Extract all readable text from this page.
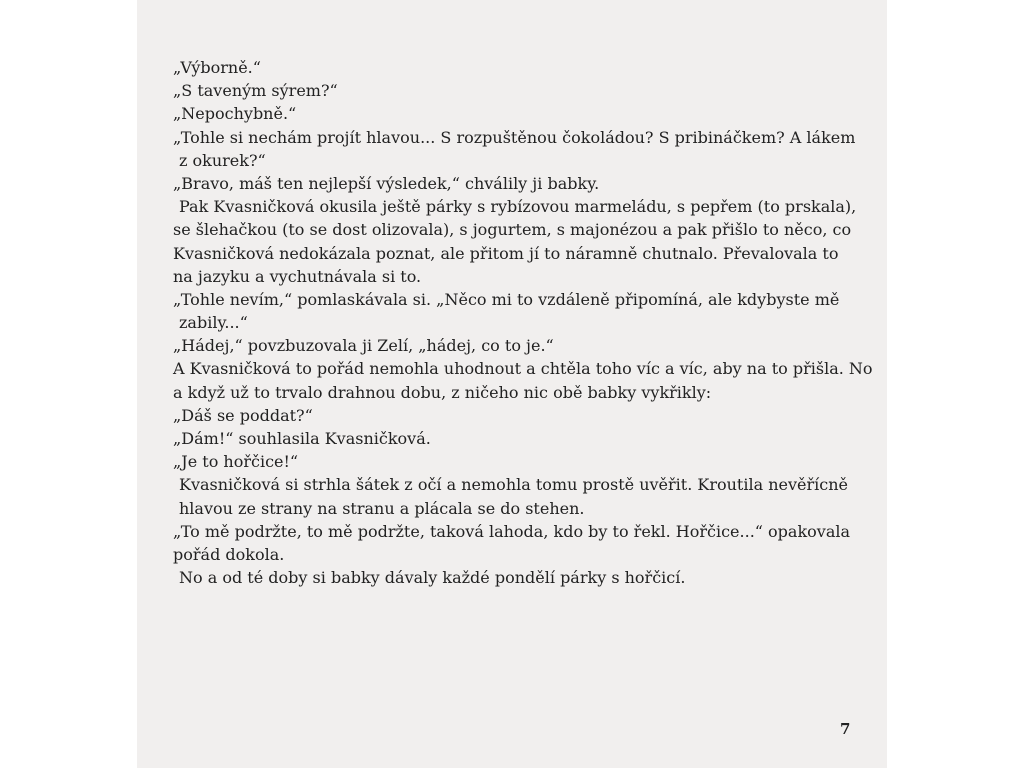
„Výborně.“
„S taveným sýrem?“
„Nepochybně.“
„Tohle si nechám projít hlavou... S rozpuštěnou čokoládou? S pribináčkem? A lákem
z okurek?“
„Bravo, máš ten nejlepší výsledek,“ chválily ji babky.
Pak Kvasničková okusila ještě párky s rybízovou marmeládu, s pepřem (to prskala),
se šlehačkou (to se dost olizovala), s jogurtem, s majonézou a pak přišlo to něco, co
Kvasničková nedokázala poznat, ale přitom jí to náramně chutnalo. Převalovala to
na jazyku a vychutnávala si to.
„Tohle nevím,“ pomlaskávala si. „Něco mi to vzdáleně připomíná, ale kdybyste mě
zabily...“
„Hádej,“ povzbuzovala ji Zelí, „hádej, co to je.“
A Kvasničková to pořád nemohla uhodnout a chtěla toho víc a víc, aby na to přišla. No
a když už to trvalo drahnou dobu, z ničeho nic obě babky vykřikly:
„Dáš se poddat?“
„Dám!“ souhlasila Kvasničková.
„Je to hořčice!“
Kvasničková si strhla šátek z očí a nemohla tomu prostě uvěřit. Kroutila nevěřícně
hlavou ze strany na stranu a plácala se do stehen.
„To mě podržte, to mě podržte, taková lahoda, kdo by to řekl. Hořčice...“ opakovala
pořád dokola.
No a od té doby si babky dávaly každé pondělí párky s hořčicí.
7
